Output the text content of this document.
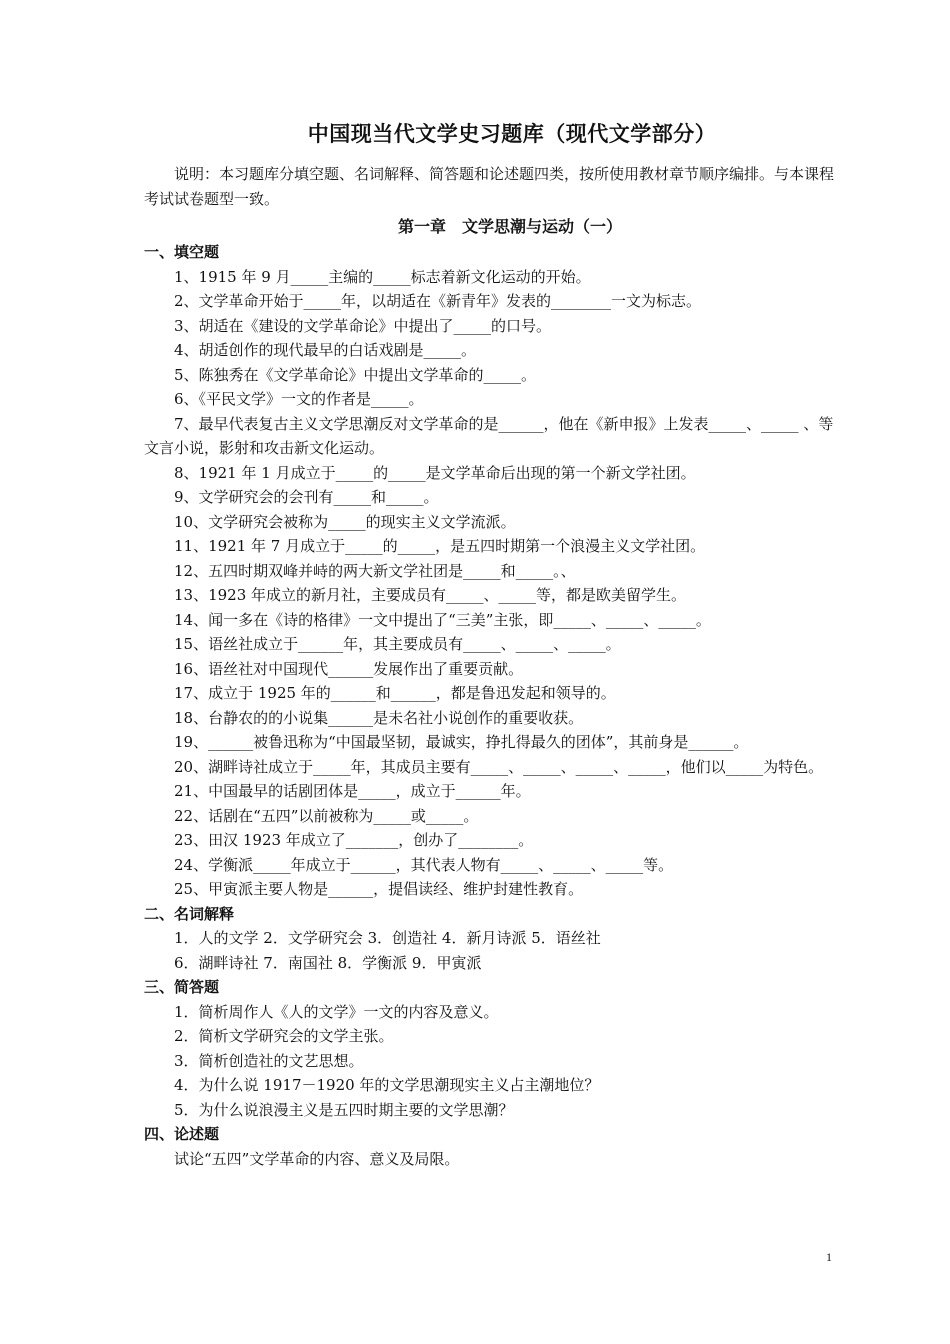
中国现当代文学史习题库（现代文学部分）

说明：本习题库分填空题、名词解释、简答题和论述题四类，按所使用教材章节顺序编排。与本课程考试试卷题型一致。

第一章　文学思潮与运动（一）

一、填空题

1、1915 年 9 月_____主编的_____标志着新文化运动的开始。

2、文学革命开始于_____年，以胡适在《新青年》发表的________一文为标志。

3、胡适在《建设的文学革命论》中提出了_____的口号。

4、胡适创作的现代最早的白话戏剧是_____。

5、陈独秀在《文学革命论》中提出文学革命的_____。

6、《平民文学》一文的作者是_____。

7、最早代表复古主义文学思潮反对文学革命的是______，他在《新申报》上发表_____、_____ 、等文言小说，影射和攻击新文化运动。

8、1921 年 1 月成立于_____的_____是文学革命后出现的第一个新文学社团。

9、文学研究会的会刊有_____和_____。

10、文学研究会被称为_____的现实主义文学流派。

11、1921 年 7 月成立于_____的_____，是五四时期第一个浪漫主义文学社团。

12、五四时期双峰并峙的两大新文学社团是_____和_____。、

13、1923 年成立的新月社，主要成员有_____、_____等，都是欧美留学生。

14、闻一多在《诗的格律》一文中提出了“三美”主张，即_____、_____、_____。

15、语丝社成立于______年，其主要成员有_____、_____、_____。

16、语丝社对中国现代______发展作出了重要贡献。

17、成立于 1925 年的______和______，都是鲁迅发起和领导的。

18、台静农的的小说集______是未名社小说创作的重要收获。

19、______被鲁迅称为“中国最坚韧，最诚实，挣扎得最久的团体”，其前身是______。

20、湖畔诗社成立于_____年，其成员主要有_____、_____、_____、_____，他们以_____为特色。

21、中国最早的话剧团体是_____，成立于______年。

22、话剧在“五四”以前被称为_____或_____。

23、田汉 1923 年成立了_______，创办了________。

24、学衡派_____年成立于______，其代表人物有_____、_____、_____等。

25、甲寅派主要人物是______，提倡读经、维护封建性教育。

二、名词解释

1．人的文学 2．文学研究会 3．创造社 4．新月诗派 5．语丝社

6．湖畔诗社 7．南国社 8．学衡派 9．甲寅派

三、简答题

1．简析周作人《人的文学》一文的内容及意义。

2．简析文学研究会的文学主张。

3．简析创造社的文艺思想。

4．为什么说 1917－1920 年的文学思潮现实主义占主潮地位？

5．为什么说浪漫主义是五四时期主要的文学思潮？

四、论述题

试论“五四”文学革命的内容、意义及局限。

1
